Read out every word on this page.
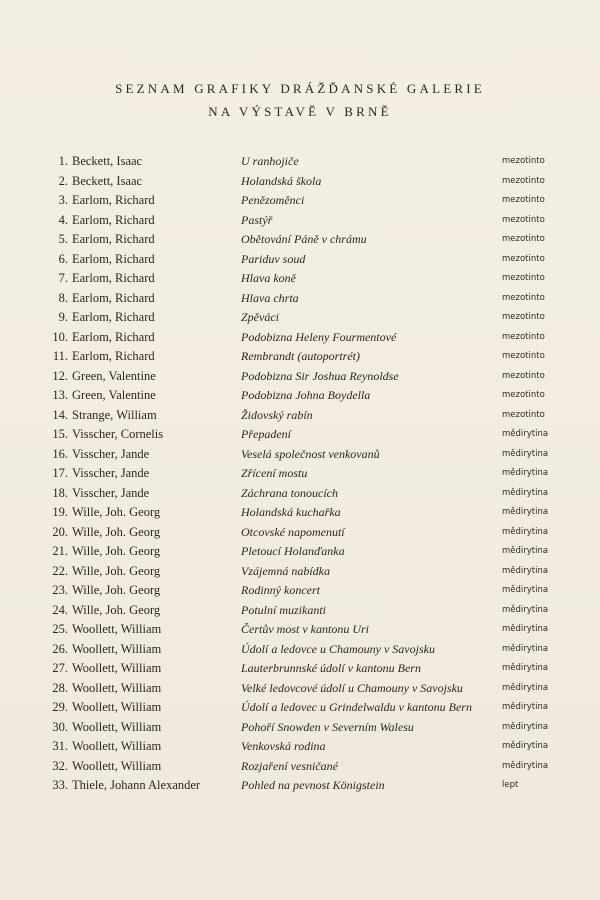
SEZNAM GRAFIKY DRÁŽĎANSKÉ GALERIE
NA VÝSTAVĚ V BRNĚ
1. Beckett, Isaac	U ranhojiče	mezotinto
2. Beckett, Isaac	Holandská škola	mezotinto
3. Earlom, Richard	Penězoměnci	mezotinto
4. Earlom, Richard	Pastýř	mezotinto
5. Earlom, Richard	Obětování Páně v chrámu	mezotinto
6. Earlom, Richard	Pariduv soud	mezotinto
7. Earlom, Richard	Hlava koně	mezotinto
8. Earlom, Richard	Hlava chrta	mezotinto
9. Earlom, Richard	Zpěváci	mezotinto
10. Earlom, Richard	Podobizna Heleny Fourmentové	mezotinto
11. Earlom, Richard	Rembrandt (autoportrét)	mezotinto
12. Green, Valentine	Podobizna Sir Joshua Reynoldse	mezotinto
13. Green, Valentine	Podobizna Johna Boydella	mezotinto
14. Strange, William	Židovský rabín	mezotinto
15. Visscher, Cornelis	Přepadení	mědirytina
16. Visscher, Jande	Veselá společnost venkovanů	mědirytina
17. Visscher, Jande	Zřícení mostu	mědirytina
18. Visscher, Jande	Záchrana tonoucích	mědirytina
19. Wille, Joh. Georg	Holandská kuchařka	mědirytina
20. Wille, Joh. Georg	Otcovské napomenutí	mědirytina
21. Wille, Joh. Georg	Pletoucí Holanďanka	mědirytina
22. Wille, Joh. Georg	Vzájemná nabídka	mědirytina
23. Wille, Joh. Georg	Rodinný koncert	mědirytina
24. Wille, Joh. Georg	Potulní muzikanti	mědirytina
25. Woollett, William	Čertův most v kantonu Uri	mědirytina
26. Woollett, William	Údolí a ledovce u Chamouny v Savojsku	mědirytina
27. Woollett, William	Lauterbrunnské údolí v kantonu Bern	mědirytina
28. Woollett, William	Velké ledovcové údolí u Chamouny v Savojsku	mědirytina
29. Woollett, William	Údolí a ledovec u Grindelwaldu v kantonu Bern	mědirytina
30. Woollett, William	Pohoří Snowden v Severním Walesu	mědirytina
31. Woollett, William	Venkovská rodina	mědirytina
32. Woollett, William	Rozjaření vesničané	mědirytina
33. Thiele, Johann Alexander	Pohled na pevnost Königstein	lept
